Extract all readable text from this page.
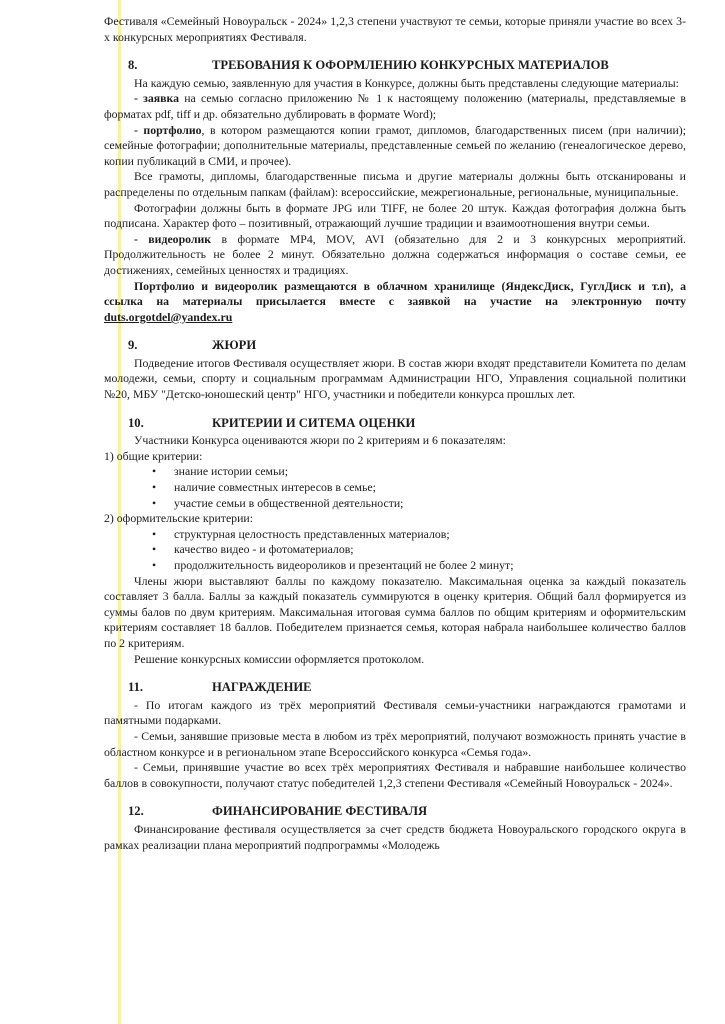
Фестиваля «Семейный Новоуральск - 2024» 1,2,3 степени участвуют те семьи, которые приняли участие во всех 3-х конкурсных мероприятиях Фестиваля.

8.	ТРЕБОВАНИЯ К ОФОРМЛЕНИЮ КОНКУРСНЫХ МАТЕРИАЛОВ

На каждую семью, заявленную для участия в Конкурсе, должны быть представлены следующие материалы:

- заявка на семью согласно приложению № 1 к настоящему положению (материалы, представляемые в форматах pdf, tiff и др. обязательно дублировать в формате Word);

- портфолио, в котором размещаются копии грамот, дипломов, благодарственных писем (при наличии); семейные фотографии; дополнительные материалы, представленные семьей по желанию (генеалогическое дерево, копии публикаций в СМИ, и прочее).

Все грамоты, дипломы, благодарственные письма и другие материалы должны быть отсканированы и распределены по отдельным папкам (файлам): всероссийские, межрегиональные, региональные, муниципальные.

Фотографии должны быть в формате JPG или TIFF, не более 20 штук. Каждая фотография должна быть подписана. Характер фото – позитивный, отражающий лучшие традиции и взаимоотношения внутри семьи.

- видеоролик в формате MP4, MOV, AVI (обязательно для 2 и 3 конкурсных мероприятий. Продолжительность не более 2 минут. Обязательно должна содержаться информация о составе семьи, ее достижениях, семейных ценностях и традициях.

Портфолио и видеоролик размещаются в облачном хранилище (ЯндексДиск, ГуглДиск и т.п), а ссылка на материалы присылается вместе с заявкой на участие на электронную почту duts.orgotdel@yandex.ru

9.	ЖЮРИ

Подведение итогов Фестиваля осуществляет жюри. В состав жюри входят представители Комитета по делам молодежи, семьи, спорту и социальным программам Администрации НГО, Управления социальной политики №20, МБУ "Детско-юношеский центр" НГО, участники и победители конкурса прошлых лет.

10.	КРИТЕРИИ И СИТЕМА ОЦЕНКИ

Участники Конкурса оцениваются жюри по 2 критериям и 6 показателям:

1) общие критерии:

• знание истории семьи;
• наличие совместных интересов в семье;
• участие семьи в общественной деятельности;

2) оформительские критерии:

• структурная целостность представленных материалов;
• качество видео - и фотоматериалов;
• продолжительность видеороликов и презентаций не более 2 минут;

Члены жюри выставляют баллы по каждому показателю. Максимальная оценка за каждый показатель составляет 3 балла. Баллы за каждый показатель суммируются в оценку критерия. Общий балл формируется из суммы балов по двум критериям. Максимальная итоговая сумма баллов по общим критериям и оформительским критериям составляет 18 баллов. Победителем признается семья, которая набрала наибольшее количество баллов по 2 критериям.

Решение конкурсных комиссии оформляется протоколом.

11.	НАГРАЖДЕНИЕ

- По итогам каждого из трёх мероприятий Фестиваля семьи-участники награждаются грамотами и памятными подарками.

- Семьи, занявшие призовые места в любом из трёх мероприятий, получают возможность принять участие в областном конкурсе и в региональном этапе Всероссийского конкурса «Семья года».

- Семьи, принявшие участие во всех трёх мероприятиях Фестиваля и набравшие наибольшее количество баллов в совокупности, получают статус победителей 1,2,3 степени Фестиваля «Семейный Новоуральск - 2024».

12.	ФИНАНСИРОВАНИЕ ФЕСТИВАЛЯ

Финансирование фестиваля осуществляется за счет средств бюджета Новоуральского городского округа в рамках реализации плана мероприятий подпрограммы «Молодежь
